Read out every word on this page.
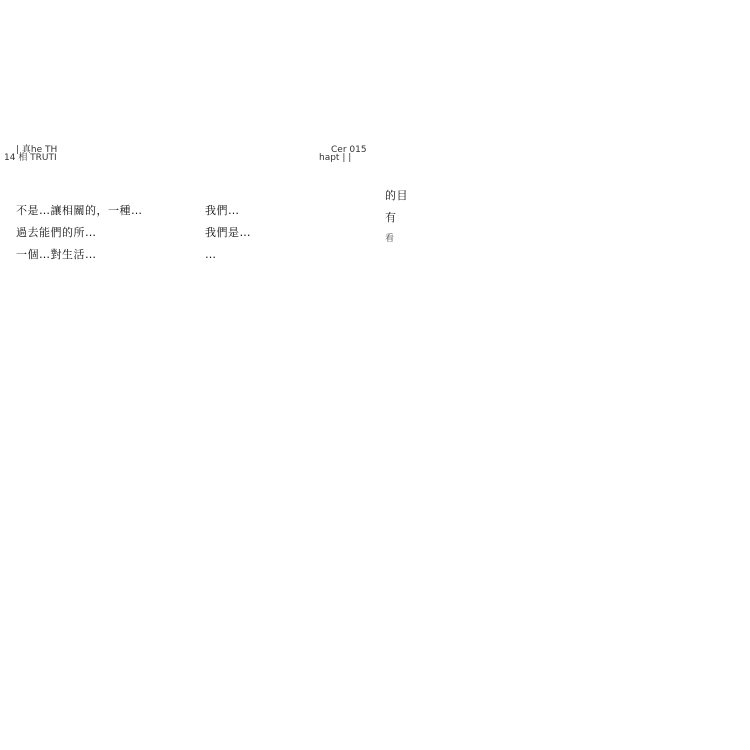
| 真he TH
14 相 TRUTI
Cer 015
hapt | |

不是…讓相關的，一種…

過去能們的所…

一個…對生活…

我們…

我們是…

…

的目

有

看
